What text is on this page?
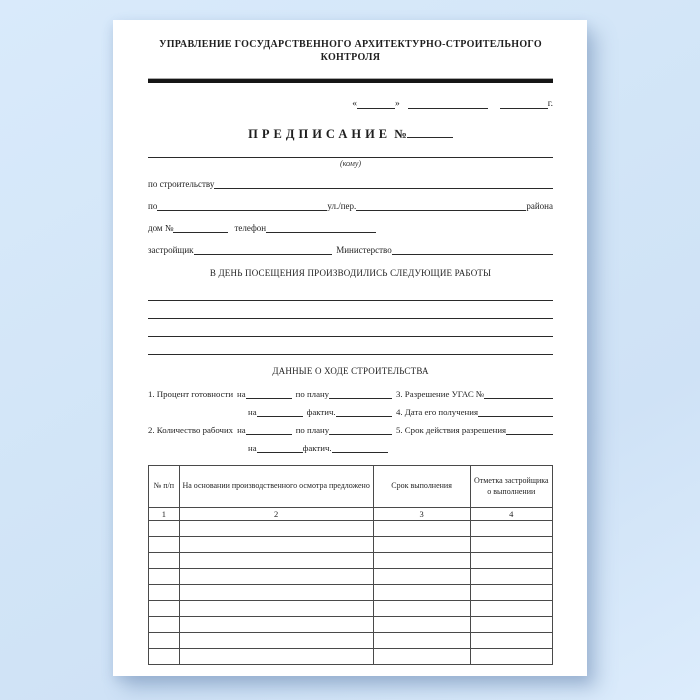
УПРАВЛЕНИЕ ГОСУДАРСТВЕННОГО АРХИТЕКТУРНО-СТРОИТЕЛЬНОГО
КОНТРОЛЯ
«	»	г.
ПРЕДПИСАНИЕ №
(кому)
по строительству
по	ул./пер.	района
дом №	телефон
застройщик	Министерство
В ДЕНЬ ПОСЕЩЕНИЯ ПРОИЗВОДИЛИСЬ СЛЕДУЮЩИЕ РАБОТЫ
ДАННЫЕ О ХОДЕ СТРОИТЕЛЬСТВА
1. Процент готовности на	по плану	3. Разрешение УГАС №
на	фактич.	4. Дата его получения
2. Количество рабочих на	по плану	5. Срок действия разрешения
на	фактич.
№ п/п	На основании производственного осмотра предложено	Срок выполнения	Отметка застройщика о выполнении
1	2	3	4
